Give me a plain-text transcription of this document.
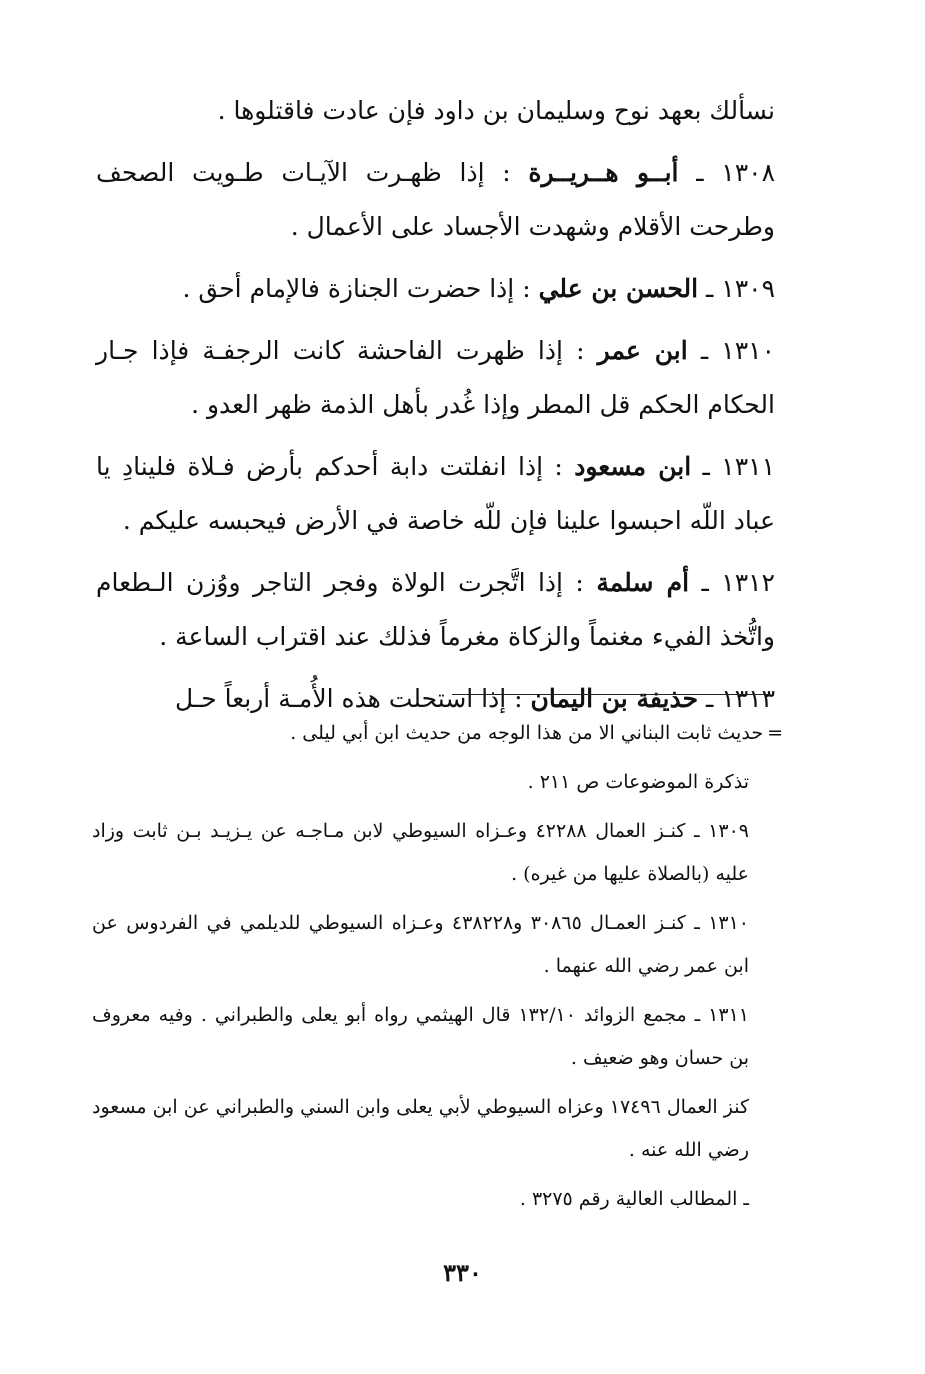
نسألك بعهد نوح وسليمان بن داود فإن عادت فاقتلوها .

١٣٠٨ ـ أبــو هــريــرة : إذا ظهـرت الآيـات طـويت الصحف وطرحت الأقلام وشهدت الأجساد على الأعمال .

١٣٠٩ ـ الحسن بن علي : إذا حضرت الجنازة فالإمام أحق .

١٣١٠ ـ ابن عمر : إذا ظهرت الفاحشة كانت الرجفـة فإذا جـار الحكام الحكم قل المطر وإذا غُدر بأهل الذمة ظهر العدو .

١٣١١ ـ ابن مسعود : إذا انفلتت دابة أحدكم بأرض فـلاة فلينادِ يا عباد اللّه احبسوا علينا فإن للّه خاصة في الأرض فيحبسه عليكم .

١٣١٢ ـ أم سلمة : إذا اتَّجرت الولاة وفجر التاجر ووُزن الـطعام واتُّخذ الفيء مغنماً والزكاة مغرماً فذلك عند اقتراب الساعة .

١٣١٣ ـ حذيفة بن اليمان : إذا استحلت هذه الأُمـة أربعاً حـل

=حديث ثابت البناني الا من هذا الوجه من حديث ابن أبي ليلى .

تذكرة الموضوعات ص ٢١١ .

١٣٠٩ ـ كنـز العمال ٤٢٢٨٨ وعـزاه السيوطي لابن مـاجـه عن يـزيـد بـن ثابت وزاد عليه (بالصلاة عليها من غيره) .

١٣١٠ ـ كنـز العمـال ٣٠٨٦٥ و٤٣٨٢٢٨ وعـزاه السيوطي للديلمي في الفردوس عن ابن عمر رضي الله عنهما .

١٣١١ ـ مجمع الزوائد ١٣٢/١٠ قال الهيثمي رواه أبو يعلى والطبراني . وفيه معروف بن حسان وهو ضعيف .

كنز العمال ١٧٤٩٦ وعزاه السيوطي لأبي يعلى وابن السني والطبراني عن ابن مسعود رضي الله عنه .

ـ المطالب العالية رقم ٣٢٧٥ .

٣٣٠
